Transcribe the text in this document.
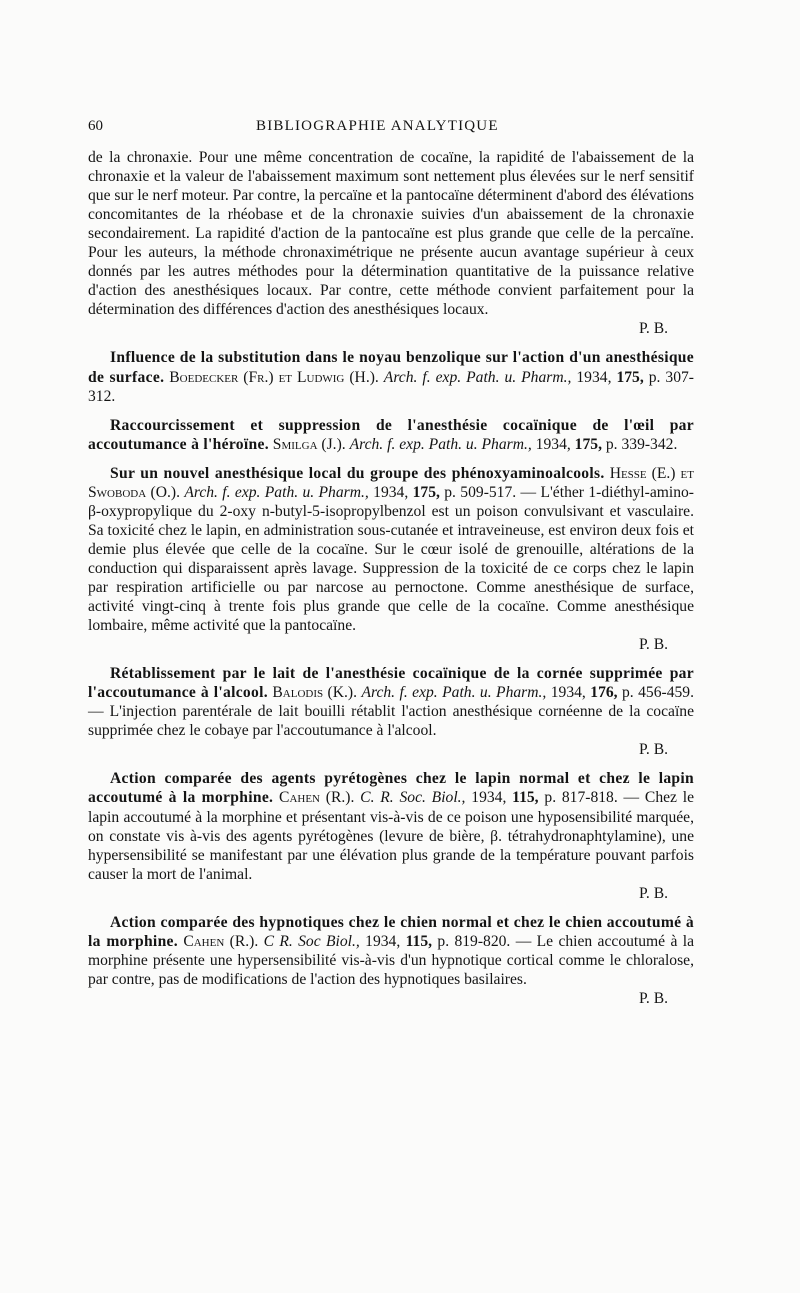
60	BIBLIOGRAPHIE ANALYTIQUE

de la chronaxie. Pour une même concentration de cocaïne, la rapidité de l'abaissement de la chronaxie et la valeur de l'abaissement maximum sont nettement plus élevées sur le nerf sensitif que sur le nerf moteur. Par contre, la percaïne et la pantocaïne déterminent d'abord des élévations concomitantes de la rhéobase et de la chronaxie suivies d'un abaissement de la chronaxie secondairement. La rapidité d'action de la pantocaïne est plus grande que celle de la percaïne. Pour les auteurs, la méthode chronaximétrique ne présente aucun avantage supérieur à ceux donnés par les autres méthodes pour la détermination quantitative de la puissance relative d'action des anesthésiques locaux. Par contre, cette méthode convient parfaitement pour la détermination des différences d'action des anesthésiques locaux.
P. B.

Influence de la substitution dans le noyau benzolique sur l'action d'un anesthésique de surface. Boedecker (Fr.) et Ludwig (H.). Arch. f. exp. Path. u. Pharm., 1934, 175, p. 307-312.

Raccourcissement et suppression de l'anesthésie cocaïnique de l'œil par accoutumance à l'héroïne. Smilga (J.). Arch. f. exp. Path. u. Pharm., 1934, 175, p. 339-342.

Sur un nouvel anesthésique local du groupe des phénoxyaminoalcools. Hesse (E.) et Swoboda (O.). Arch. f. exp. Path. u. Pharm., 1934, 175, p. 509-517. — L'éther 1-diéthyl-amino-β-oxypropylique du 2-oxy n-butyl-5-isopropylbenzol est un poison convulsivant et vasculaire. Sa toxicité chez le lapin, en administration sous-cutanée et intraveineuse, est environ deux fois et demie plus élevée que celle de la cocaïne. Sur le cœur isolé de grenouille, altérations de la conduction qui disparaissent après lavage. Suppression de la toxicité de ce corps chez le lapin par respiration artificielle ou par narcose au pernoctone. Comme anesthésique de surface, activité vingt-cinq à trente fois plus grande que celle de la cocaïne. Comme anesthésique lombaire, même activité que la pantocaïne.
P. B.

Rétablissement par le lait de l'anesthésie cocaïnique de la cornée supprimée par l'accoutumance à l'alcool. Balodis (K.). Arch. f. exp. Path. u. Pharm., 1934, 176, p. 456-459. — L'injection parentérale de lait bouilli rétablit l'action anesthésique cornéenne de la cocaïne supprimée chez le cobaye par l'accoutumance à l'alcool.
P. B.

Action comparée des agents pyrétogènes chez le lapin normal et chez le lapin accoutumé à la morphine. Cahen (R.). C. R. Soc. Biol., 1934, 115, p. 817-818. — Chez le lapin accoutumé à la morphine et présentant vis-à-vis de ce poison une hyposensibilité marquée, on constate vis à-vis des agents pyrétogènes (levure de bière, β. tétrahydronaphtylamine), une hypersensibilité se manifestant par une élévation plus grande de la température pouvant parfois causer la mort de l'animal.
P. B.

Action comparée des hypnotiques chez le chien normal et chez le chien accoutumé à la morphine. Cahen (R.). C R. Soc Biol., 1934, 115, p. 819-820. — Le chien accoutumé à la morphine présente une hypersensibilité vis-à-vis d'un hypnotique cortical comme le chloralose, par contre, pas de modifications de l'action des hypnotiques basilaires.
P. B.
